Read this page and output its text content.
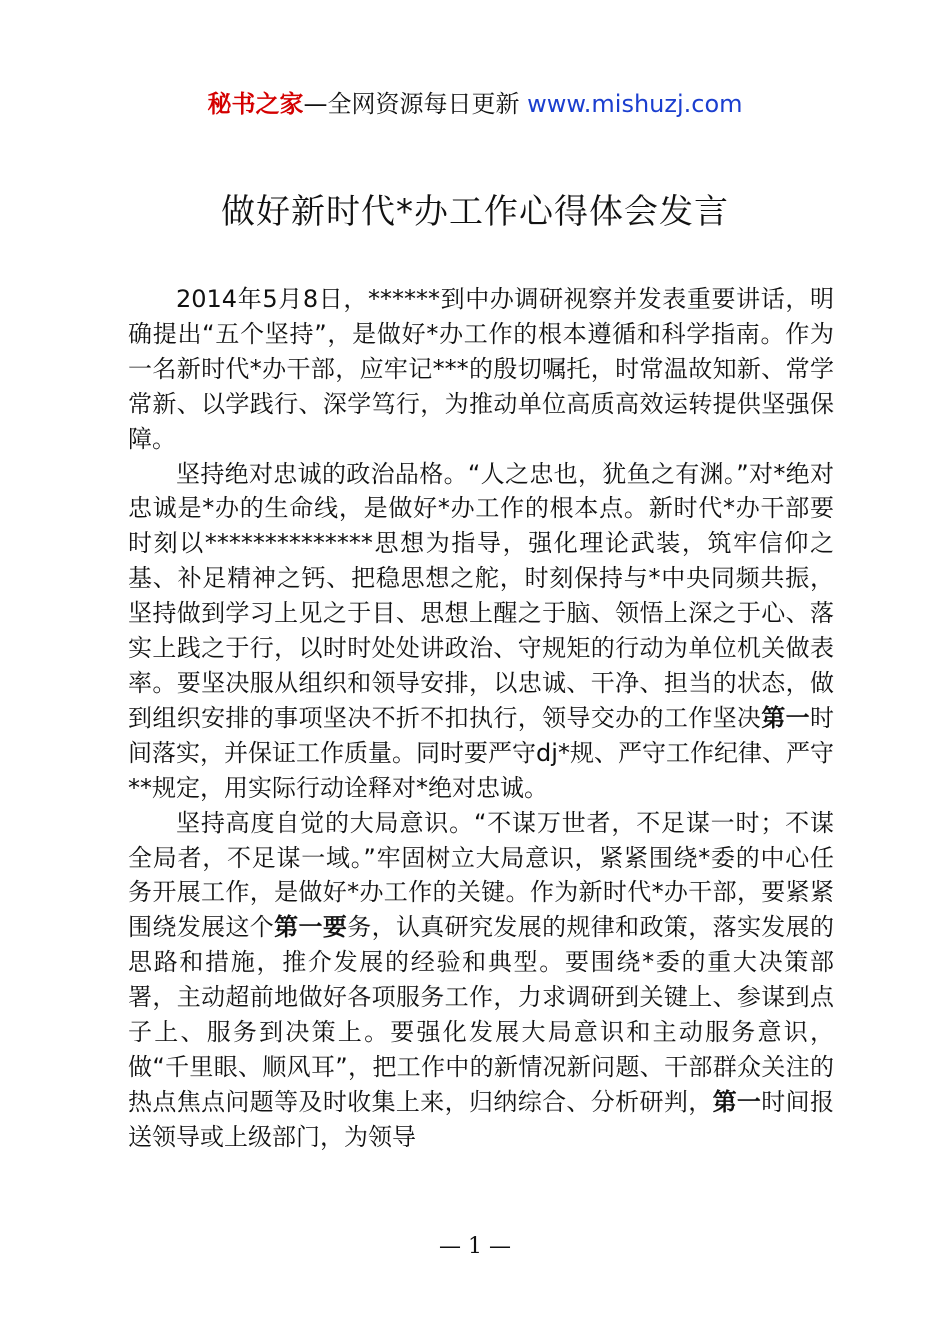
秘书之家—全网资源每日更新 www.mishuzj.com
做好新时代*办工作心得体会发言

2014年5月8日，******到中办调研视察并发表重要讲话，明确提出“五个坚持”，是做好*办工作的根本遵循和科学指南。作为一名新时代*办干部，应牢记***的殷切嘱托，时常温故知新、常学常新、以学践行、深学笃行，为推动单位高质高效运转提供坚强保障。

坚持绝对忠诚的政治品格。“人之忠也，犹鱼之有渊。”对*绝对忠诚是*办的生命线，是做好*办工作的根本点。新时代*办干部要时刻以**************思想为指导，强化理论武装，筑牢信仰之基、补足精神之钙、把稳思想之舵，时刻保持与*中央同频共振，坚持做到学习上见之于目、思想上醒之于脑、领悟上深之于心、落实上践之于行，以时时处处讲政治、守规矩的行动为单位机关做表率。要坚决服从组织和领导安排，以忠诚、干净、担当的状态，做到组织安排的事项坚决不折不扣执行，领导交办的工作坚决第一时间落实，并保证工作质量。同时要严守dj*规、严守工作纪律、严守**规定，用实际行动诠释对*绝对忠诚。

坚持高度自觉的大局意识。“不谋万世者，不足谋一时；不谋全局者，不足谋一域。”牢固树立大局意识，紧紧围绕*委的中心任务开展工作，是做好*办工作的关键。作为新时代*办干部，要紧紧围绕发展这个第一要务，认真研究发展的规律和政策，落实发展的思路和措施，推介发展的经验和典型。要围绕*委的重大决策部署，主动超前地做好各项服务工作，力求调研到关键上、参谋到点子上、服务到决策上。要强化发展大局意识和主动服务意识，做“千里眼、顺风耳”，把工作中的新情况新问题、干部群众关注的热点焦点问题等及时收集上来，归纳综合、分析研判，第一时间报送领导或上级部门，为领导

— 1 —
